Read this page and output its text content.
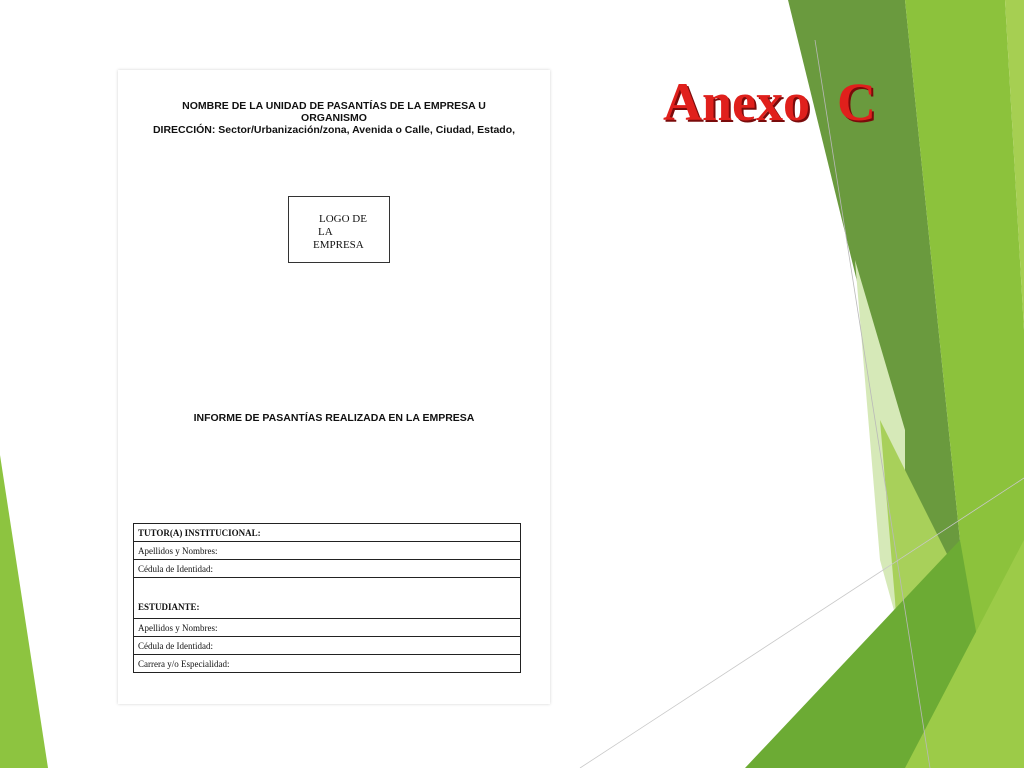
NOMBRE DE LA UNIDAD DE PASANTÍAS DE LA EMPRESA U
ORGANISMO
DIRECCIÓN: Sector/Urbanización/zona, Avenida o Calle, Ciudad, Estado,
LOGO DE
LA
EMPRESA
INFORME DE PASANTÍAS REALIZADA EN LA EMPRESA
TUTOR(A) INSTITUCIONAL:
Apellidos y Nombres:
Cédula de Identidad:
ESTUDIANTE:
Apellidos y Nombres:
Cédula de Identidad:
Carrera y/o Especialidad:
Anexo  C
